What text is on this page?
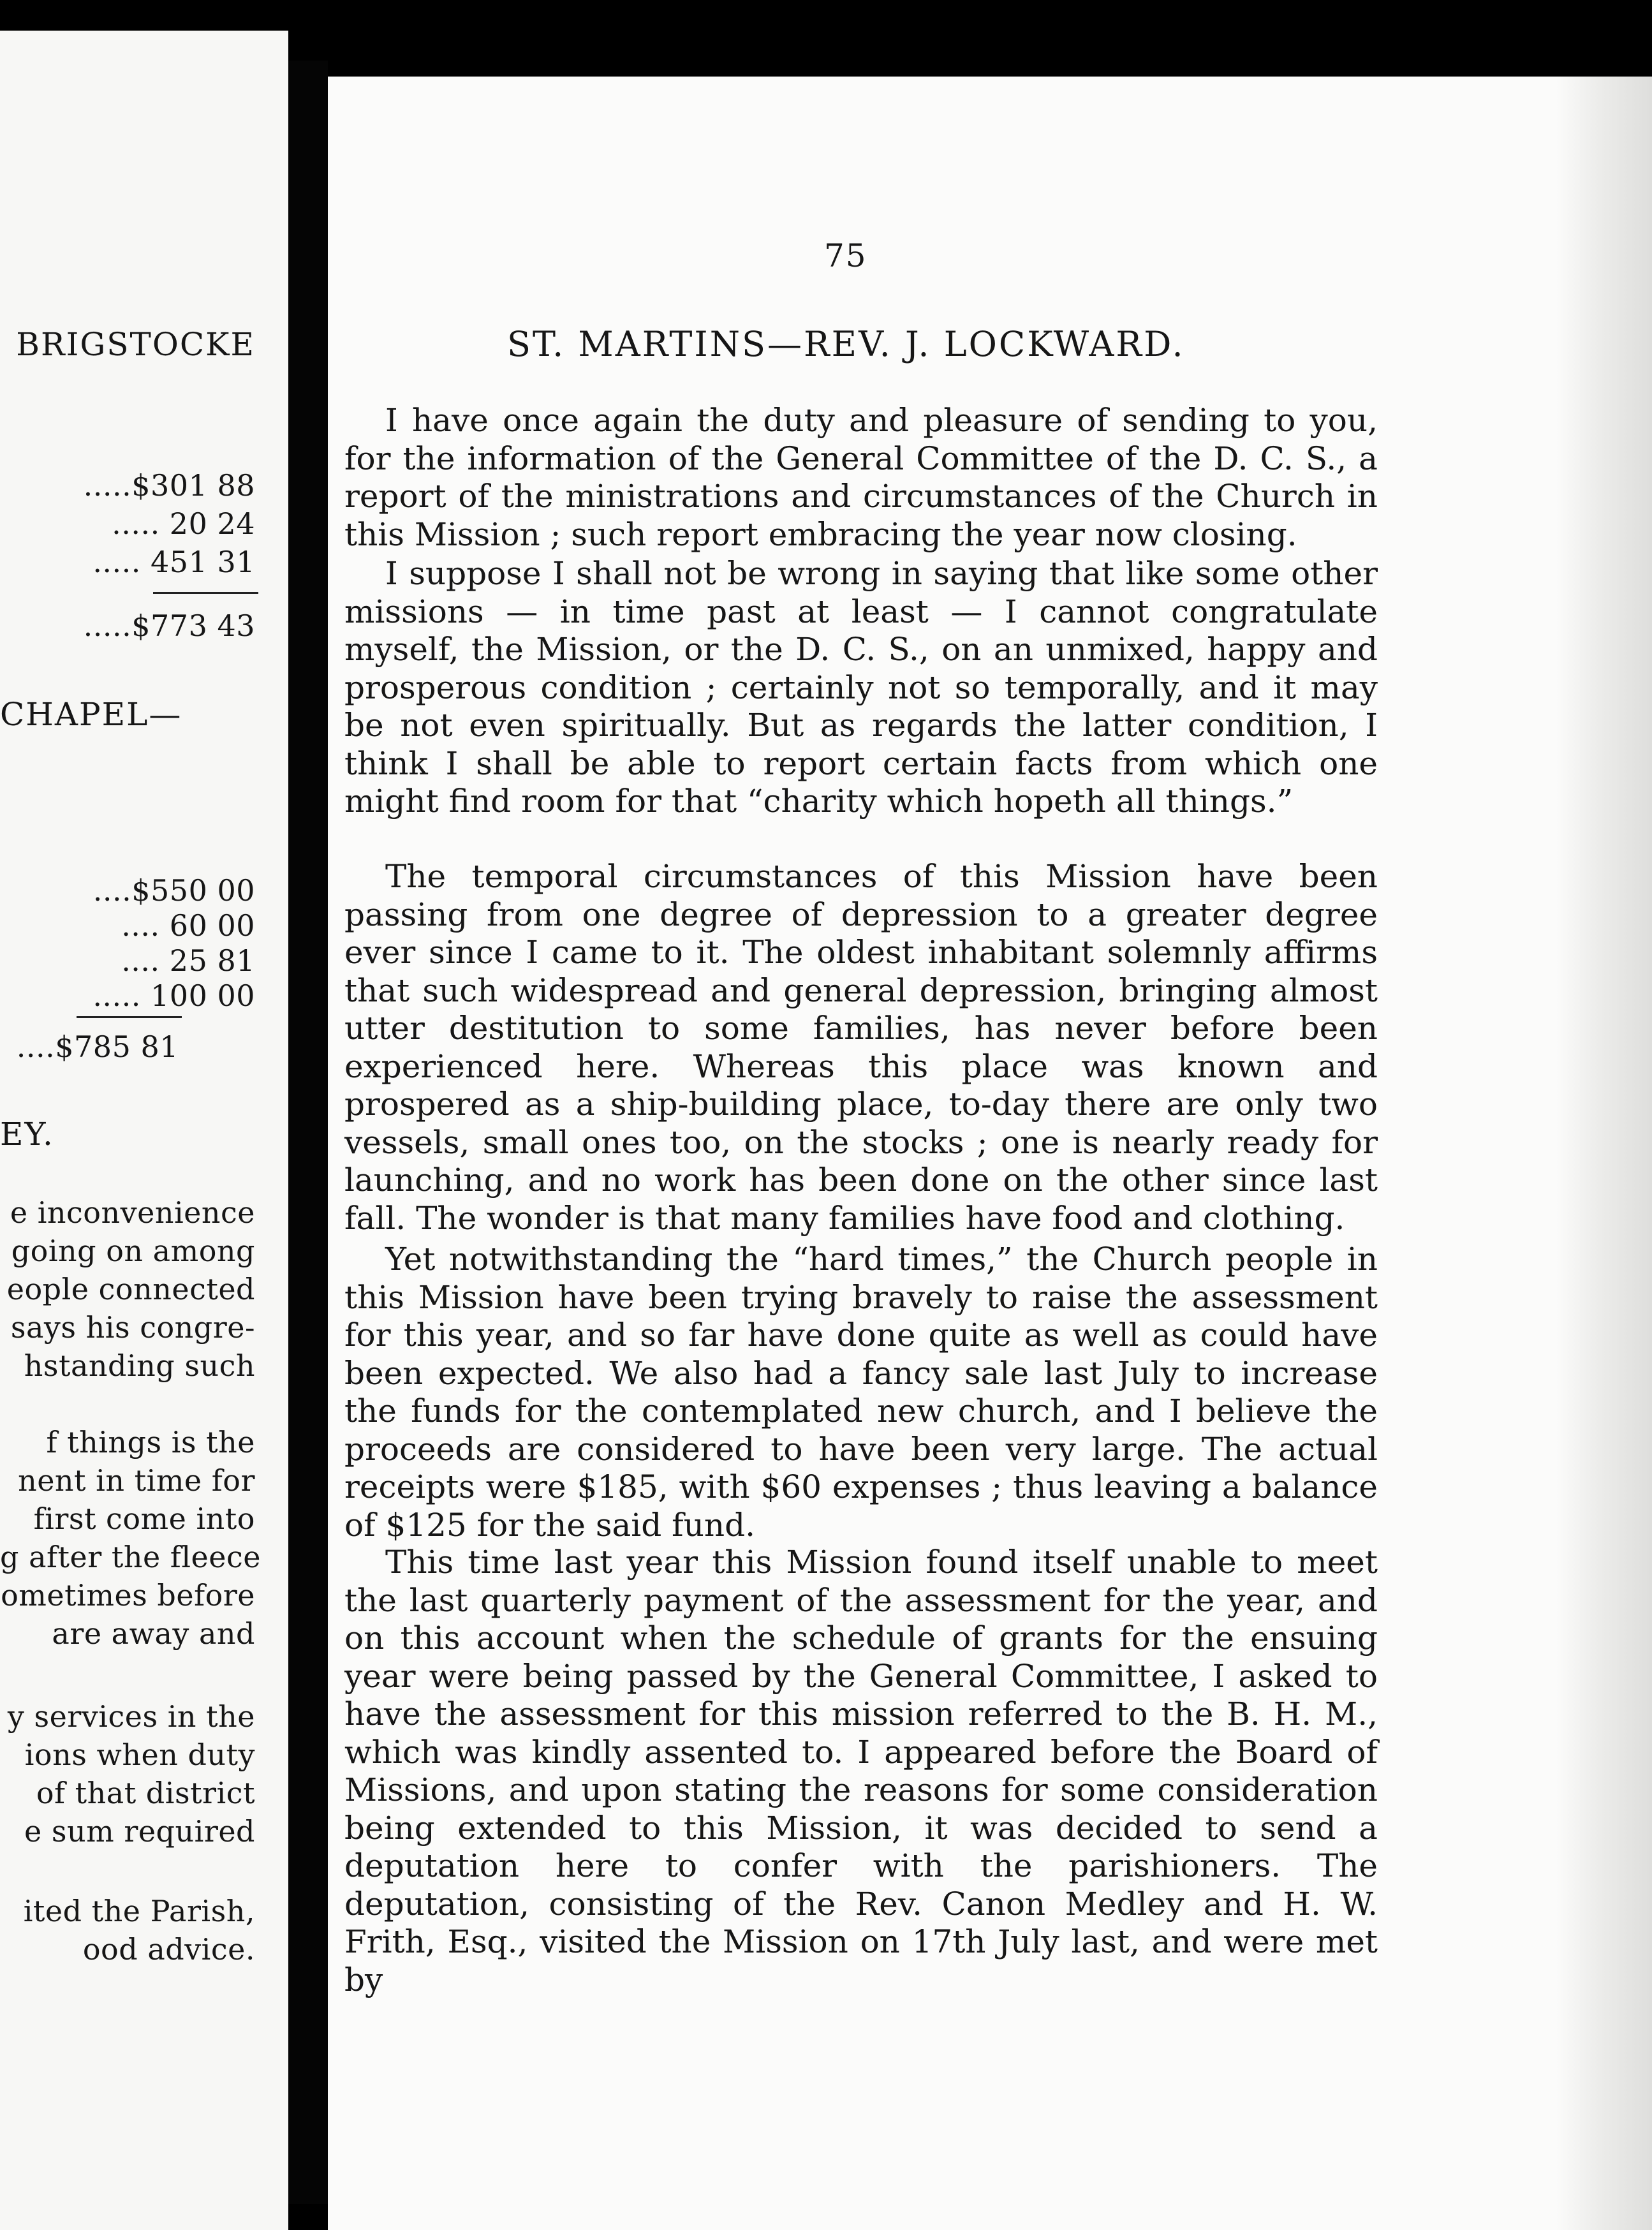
BRIGSTOCKE
.....$301 88
..... 20 24
..... 451 31
.....$773 43
CHAPEL—
....$550 00
.... 60 00
.... 25 81
..... 100 00
....$785 81
EY.
e inconvenience
going on among
eople connected
says his congre-
hstanding such
f things is the
nent in time for
first come into
g after the fleece
ometimes before
are away and
y services in the
ions when duty
of that district
e sum required
ited the Parish,
ood advice.
75
ST. MARTINS—REV. J. LOCKWARD.

I have once again the duty and pleasure of sending to you, for the information of the General Committee of the D. C. S., a report of the ministrations and circumstances of the Church in this Mission ; such report embracing the year now closing.

I suppose I shall not be wrong in saying that like some other missions — in time past at least — I cannot congratulate myself, the Mission, or the D. C. S., on an unmixed, happy and prosperous condition ; certainly not so temporally, and it may be not even spiritually. But as regards the latter condition, I think I shall be able to report certain facts from which one might find room for that “charity which hopeth all things.”

The temporal circumstances of this Mission have been passing from one degree of depression to a greater degree ever since I came to it. The oldest inhabitant solemnly affirms that such widespread and general depression, bringing almost utter destitution to some families, has never before been experienced here. Whereas this place was known and prospered as a ship-building place, to-day there are only two vessels, small ones too, on the stocks ; one is nearly ready for launching, and no work has been done on the other since last fall. The wonder is that many families have food and clothing.

Yet notwithstanding the “hard times,” the Church people in this Mission have been trying bravely to raise the assessment for this year, and so far have done quite as well as could have been expected. We also had a fancy sale last July to increase the funds for the contemplated new church, and I believe the proceeds are considered to have been very large. The actual receipts were $185, with $60 expenses ; thus leaving a balance of $125 for the said fund.

This time last year this Mission found itself unable to meet the last quarterly payment of the assessment for the year, and on this account when the schedule of grants for the ensuing year were being passed by the General Committee, I asked to have the assessment for this mission referred to the B. H. M., which was kindly assented to. I appeared before the Board of Missions, and upon stating the reasons for some consideration being extended to this Mission, it was decided to send a deputation here to confer with the parishioners. The deputation, consisting of the Rev. Canon Medley and H. W. Frith, Esq., visited the Mission on 17th July last, and were met by
